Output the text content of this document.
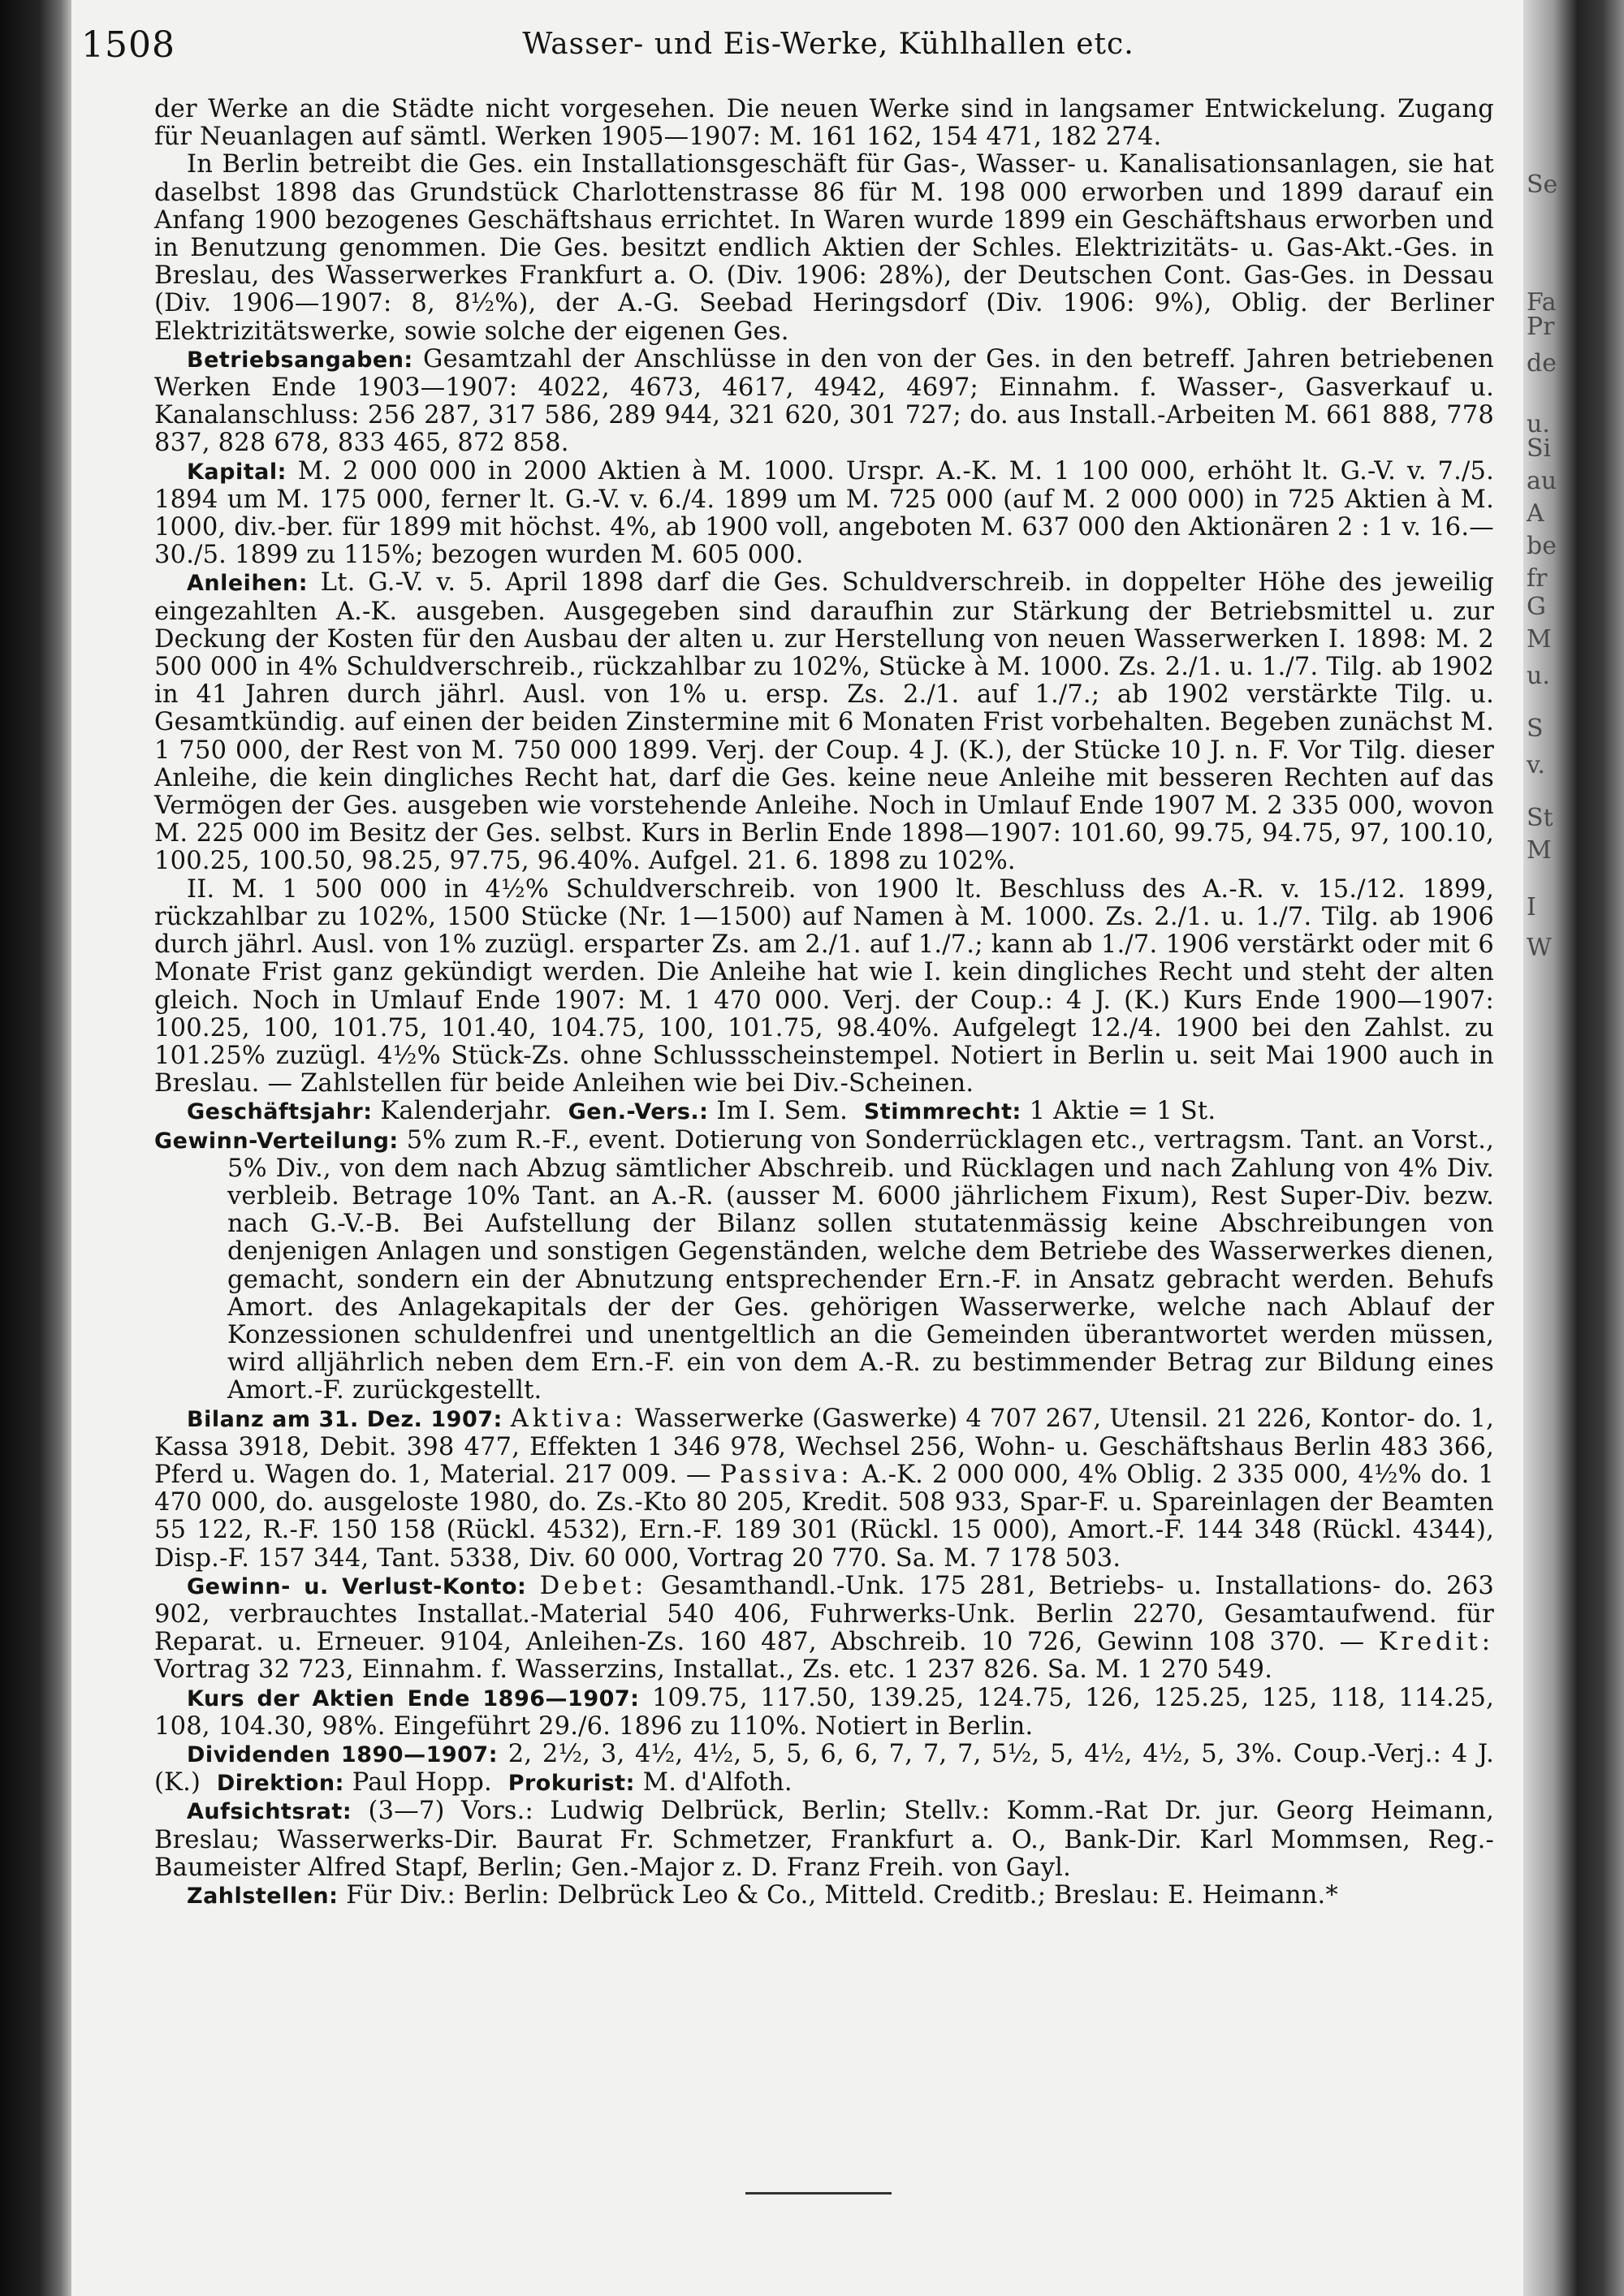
1508	Wasser- und Eis-Werke, Kühlhallen etc.

der Werke an die Städte nicht vorgesehen. Die neuen Werke sind in langsamer Entwickelung. Zugang für Neuanlagen auf sämtl. Werken 1905—1907: M. 161 162, 154 471, 182 274.

In Berlin betreibt die Ges. ein Installationsgeschäft für Gas-, Wasser- u. Kanalisationsanlagen, sie hat daselbst 1898 das Grundstück Charlottenstrasse 86 für M. 198 000 erworben und 1899 darauf ein Anfang 1900 bezogenes Geschäftshaus errichtet. In Waren wurde 1899 ein Geschäftshaus erworben und in Benutzung genommen. Die Ges. besitzt endlich Aktien der Schles. Elektrizitäts- u. Gas-Akt.-Ges. in Breslau, des Wasserwerkes Frankfurt a. O. (Div. 1906: 28%), der Deutschen Cont. Gas-Ges. in Dessau (Div. 1906—1907: 8, 8½%), der A.-G. Seebad Heringsdorf (Div. 1906: 9%), Oblig. der Berliner Elektrizitätswerke, sowie solche der eigenen Ges.

Betriebsangaben: Gesamtzahl der Anschlüsse in den von der Ges. in den betreff. Jahren betriebenen Werken Ende 1903—1907: 4022, 4673, 4617, 4942, 4697; Einnahm. f. Wasser-, Gasverkauf u. Kanalanschluss: 256 287, 317 586, 289 944, 321 620, 301 727; do. aus Install.-Arbeiten M. 661 888, 778 837, 828 678, 833 465, 872 858.

Kapital: M. 2 000 000 in 2000 Aktien à M. 1000. Urspr. A.-K. M. 1 100 000, erhöht lt. G.-V. v. 7./5. 1894 um M. 175 000, ferner lt. G.-V. v. 6./4. 1899 um M. 725 000 (auf M. 2 000 000) in 725 Aktien à M. 1000, div.-ber. für 1899 mit höchst. 4%, ab 1900 voll, angeboten M. 637 000 den Aktionären 2 : 1 v. 16.—30./5. 1899 zu 115%; bezogen wurden M. 605 000.

Anleihen: Lt. G.-V. v. 5. April 1898 darf die Ges. Schuldverschreib. in doppelter Höhe des jeweilig eingezahlten A.-K. ausgeben. Ausgegeben sind daraufhin zur Stärkung der Betriebsmittel u. zur Deckung der Kosten für den Ausbau der alten u. zur Herstellung von neuen Wasserwerken I. 1898: M. 2 500 000 in 4% Schuldverschreib., rückzahlbar zu 102%, Stücke à M. 1000. Zs. 2./1. u. 1./7. Tilg. ab 1902 in 41 Jahren durch jährl. Ausl. von 1% u. ersp. Zs. 2./1. auf 1./7.; ab 1902 verstärkte Tilg. u. Gesamtkündig. auf einen der beiden Zinstermine mit 6 Monaten Frist vorbehalten. Begeben zunächst M. 1 750 000, der Rest von M. 750 000 1899. Verj. der Coup. 4 J. (K.), der Stücke 10 J. n. F. Vor Tilg. dieser Anleihe, die kein dingliches Recht hat, darf die Ges. keine neue Anleihe mit besseren Rechten auf das Vermögen der Ges. ausgeben wie vorstehende Anleihe. Noch in Umlauf Ende 1907 M. 2 335 000, wovon M. 225 000 im Besitz der Ges. selbst. Kurs in Berlin Ende 1898—1907: 101.60, 99.75, 94.75, 97, 100.10, 100.25, 100.50, 98.25, 97.75, 96.40%. Aufgel. 21. 6. 1898 zu 102%.

II. M. 1 500 000 in 4½% Schuldverschreib. von 1900 lt. Beschluss des A.-R. v. 15./12. 1899, rückzahlbar zu 102%, 1500 Stücke (Nr. 1—1500) auf Namen à M. 1000. Zs. 2./1. u. 1./7. Tilg. ab 1906 durch jährl. Ausl. von 1% zuzügl. ersparter Zs. am 2./1. auf 1./7.; kann ab 1./7. 1906 verstärkt oder mit 6 Monate Frist ganz gekündigt werden. Die Anleihe hat wie I. kein dingliches Recht und steht der alten gleich. Noch in Umlauf Ende 1907: M. 1 470 000. Verj. der Coup.: 4 J. (K.) Kurs Ende 1900—1907: 100.25, 100, 101.75, 101.40, 104.75, 100, 101.75, 98.40%. Aufgelegt 12./4. 1900 bei den Zahlst. zu 101.25% zuzügl. 4½% Stück-Zs. ohne Schlussscheinstempel. Notiert in Berlin u. seit Mai 1900 auch in Breslau. — Zahlstellen für beide Anleihen wie bei Div.-Scheinen.

Geschäftsjahr: Kalenderjahr. Gen.-Vers.: Im I. Sem. Stimmrecht: 1 Aktie = 1 St.

Gewinn-Verteilung: 5% zum R.-F., event. Dotierung von Sonderrücklagen etc., vertragsm. Tant. an Vorst., 5% Div., von dem nach Abzug sämtlicher Abschreib. und Rücklagen und nach Zahlung von 4% Div. verbleib. Betrage 10% Tant. an A.-R. (ausser M. 6000 jährlichem Fixum), Rest Super-Div. bezw. nach G.-V.-B. Bei Aufstellung der Bilanz sollen stutatenmässig keine Abschreibungen von denjenigen Anlagen und sonstigen Gegenständen, welche dem Betriebe des Wasserwerkes dienen, gemacht, sondern ein der Abnutzung entsprechender Ern.-F. in Ansatz gebracht werden. Behufs Amort. des Anlagekapitals der der Ges. gehörigen Wasserwerke, welche nach Ablauf der Konzessionen schuldenfrei und unentgeltlich an die Gemeinden überantwortet werden müssen, wird alljährlich neben dem Ern.-F. ein von dem A.-R. zu bestimmender Betrag zur Bildung eines Amort.-F. zurückgestellt.

Bilanz am 31. Dez. 1907: Aktiva: Wasserwerke (Gaswerke) 4 707 267, Utensil. 21 226, Kontor- do. 1, Kassa 3918, Debit. 398 477, Effekten 1 346 978, Wechsel 256, Wohn- u. Geschäftshaus Berlin 483 366, Pferd u. Wagen do. 1, Material. 217 009. — Passiva: A.-K. 2 000 000, 4% Oblig. 2 335 000, 4½% do. 1 470 000, do. ausgeloste 1980, do. Zs.-Kto 80 205, Kredit. 508 933, Spar-F. u. Spareinlagen der Beamten 55 122, R.-F. 150 158 (Rückl. 4532), Ern.-F. 189 301 (Rückl. 15 000), Amort.-F. 144 348 (Rückl. 4344), Disp.-F. 157 344, Tant. 5338, Div. 60 000, Vortrag 20 770. Sa. M. 7 178 503.

Gewinn- u. Verlust-Konto: Debet: Gesamthandl.-Unk. 175 281, Betriebs- u. Installations- do. 263 902, verbrauchtes Installat.-Material 540 406, Fuhrwerks-Unk. Berlin 2270, Gesamtaufwend. für Reparat. u. Erneuer. 9104, Anleihen-Zs. 160 487, Abschreib. 10 726, Gewinn 108 370. — Kredit: Vortrag 32 723, Einnahm. f. Wasserzins, Installat., Zs. etc. 1 237 826. Sa. M. 1 270 549.

Kurs der Aktien Ende 1896—1907: 109.75, 117.50, 139.25, 124.75, 126, 125.25, 125, 118, 114.25, 108, 104.30, 98%. Eingeführt 29./6. 1896 zu 110%. Notiert in Berlin.

Dividenden 1890—1907: 2, 2½, 3, 4½, 4½, 5, 5, 6, 6, 7, 7, 7, 5½, 5, 4½, 4½, 5, 3%. Coup.-Verj.: 4 J. (K.) Direktion: Paul Hopp. Prokurist: M. d'Alfoth.

Aufsichtsrat: (3—7) Vors.: Ludwig Delbrück, Berlin; Stellv.: Komm.-Rat Dr. jur. Georg Heimann, Breslau; Wasserwerks-Dir. Baurat Fr. Schmetzer, Frankfurt a. O., Bank-Dir. Karl Mommsen, Reg.-Baumeister Alfred Stapf, Berlin; Gen.-Major z. D. Franz Freih. von Gayl.

Zahlstellen: Für Div.: Berlin: Delbrück Leo & Co., Mitteld. Creditb.; Breslau: E. Heimann.*

Se
Fa
Pr
de
u.
Si
au
A
be
fr
G
M
u.
S
v.
St
M
I
W
